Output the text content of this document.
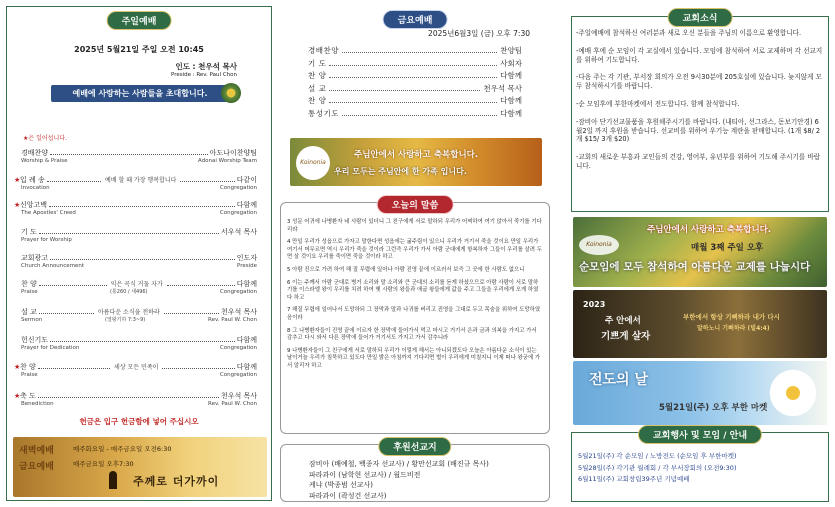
주일예배
2025년 5월21일 주일 오전 10:45
인도 : 천우석 목사
Preside : Rev. Paul Chon
예배에 사랑하는 사람들을 초대합니다.
★은 일어섭니다.
경배찬양	아도나이찬양팀
Worship & Praise	Adonai Worship Team
★ 입 례 송	예배 할 때 가장 행복합니다	다같이
Invocation	Congregation
★ 신앙고백	다함께
The Apostles' Creed	Congregation
기 도	서우석 목사
Prayer for Worship
교회광고	인도자
Church Announcement	Preside
찬 양	익은 곡식 거둘 자가	다함께
Praise	(통260 / 새496)	Congregation
설 교	아름다운 소식을 전하라	천우석 목사
Sermon	(열왕기하 7:3~9)	Rev. Paul W. Chon
헌신기도	다함께
Prayer for Dedication	Congregation
★ 찬 양	세상 모든 민족이	다함께
Praise	Congregation
★ 축 도	천우석 목사
Benediction	Rev. Paul W. Chon
헌금은 입구 헌금함에 넣어 주십시오
새벽예배	매주화요일 - 매주금요일 오전6:30
금요예배	매주금요일 오후7:30
주께로 더가까이
금요예배
2025년6월3일 (금) 오후 7:30
경배찬양	찬양팀
기 도	사회자
찬 양	다함께
설 교	천우석 목사
찬 양	다함께
통성기도	다함께
Koinonia
주님안에서 사랑하고 축복합니다.
우리 모두는 주님안에 한 가족 입니다.
오늘의 말씀

3 성문 어귀에 나병환자 네 사람이 있더니 그 친구에게 서로 말하되 우리가 어찌하여 여기 앉아서 죽기를 기다리랴

4 만일 우리가 성읍으로 가자고 말한다면 성읍에는 굶주림이 있으니 우리가 거기서 죽을 것이요 만일 우리가 여기서 머무르면 역시 우리가 죽을 것이라 그런즉 우리가 가서 아람 군대에게 항복하자 그들이 우리를 살려 두면 살 것이요 우리를 죽이면 죽을 것이라 하고

5 아람 진으로 가려 하여 해 질 무렵에 일어나 아람 진영 끝에 이르러서 보즉 그 곳에 한 사람도 없으니

6 이는 주께서 아람 군대로 병거 소리와 말 소리와 큰 군대의 소리를 듣게 하셨으므로 아람 사람이 서로 말하기를 이스라엘 왕이 우리를 치려 하여 헷 사람의 왕들과 애굽 왕들에게 값을 주고 그들을 우리에게 오게 하였다 하고

7 해질 무렵에 일어나서 도망하되 그 장막과 말과 나귀를 버리고 진영을 그대로 두고 목숨을 위하여 도망하였음이라

8 그 나병환자들이 진영 끝에 이르자 한 장막에 들어가서 먹고 마시고 거기서 은과 금과 의복을 가지고 가서 감추고 다시 와서 다른 장막에 들어가 거기서도 가지고 가서 감추니라

9 나병환자들이 그 친구에게 서로 말하되 우리가 이렇게 해서는 아니되겠도다 오늘은 아름다운 소식이 있는 날이거늘 우리가 침묵하고 있도다 만일 밝은 아침까지 기다리면 벌이 우리에게 미칠지니 이제 떠나 왕궁에 가서 알리자 하고

후원선교지
잠비아 (배예철, 백종자 선교사) / 황만선교회 (배진규 목사)
파라과이 (남학현 선교사) / 월드비전
케냐 (박종범 선교사)
파라과이 (곽성건 선교사)
교회소식

-주일예배에 참석하신 여러분과 새로 오신 분들을 주님의 이름으로 환영합니다.

-예배 후에 순 모임이 각 교실에서 있습니다. 모임에 참석하여 서로 교제하며 각 선교지를 위하여 기도합니다.

-다음 주는 각 기관, 부서장 회의가 오전 9시30분에 205호실에 있습니다. 늦지않게 모두 참석하시기를 바랍니다.

-순 모임후에 부한마켓에서 전도합니다. 함께 참석합니다.

-잠비아 단기선교물품을 후원해주시기를 바랍니다. (내티아, 선그라스, 돋보기안경) 6월2일 까지 후원을 받습니다. 선교비를 위하여 우기능 계란을 판매합니다. (1개 $8/ 2개 $15/ 3개 $20)

-교회의 새로운 부흥과 교인들의 건강, 영어부, 유년부를 위하여 기도해 주시기를 바랍니다.

Koinonia
주님안에서 사랑하고 축복합니다.
매월 3째 주일 오후
순모임에 모두 참석하여 아름다운 교제를 나눕시다
2023
주 안에서
기쁘게 살자
부한에서 항상 기뻐하라 내가 다시
말하노니 기뻐하라 (빌4:4)
전도의 날
5월21일(주) 오후 부한 마켓
교회행사 및 모임 / 안내
5월21일(주) 각 순모임 / 노방전도 (순모임 후 부한마켓)
5월28일(주) 각기관 월례회 / 각 부서장회의 (오전9:30)
6월11일(주) 교회창립39주년 기념예배
